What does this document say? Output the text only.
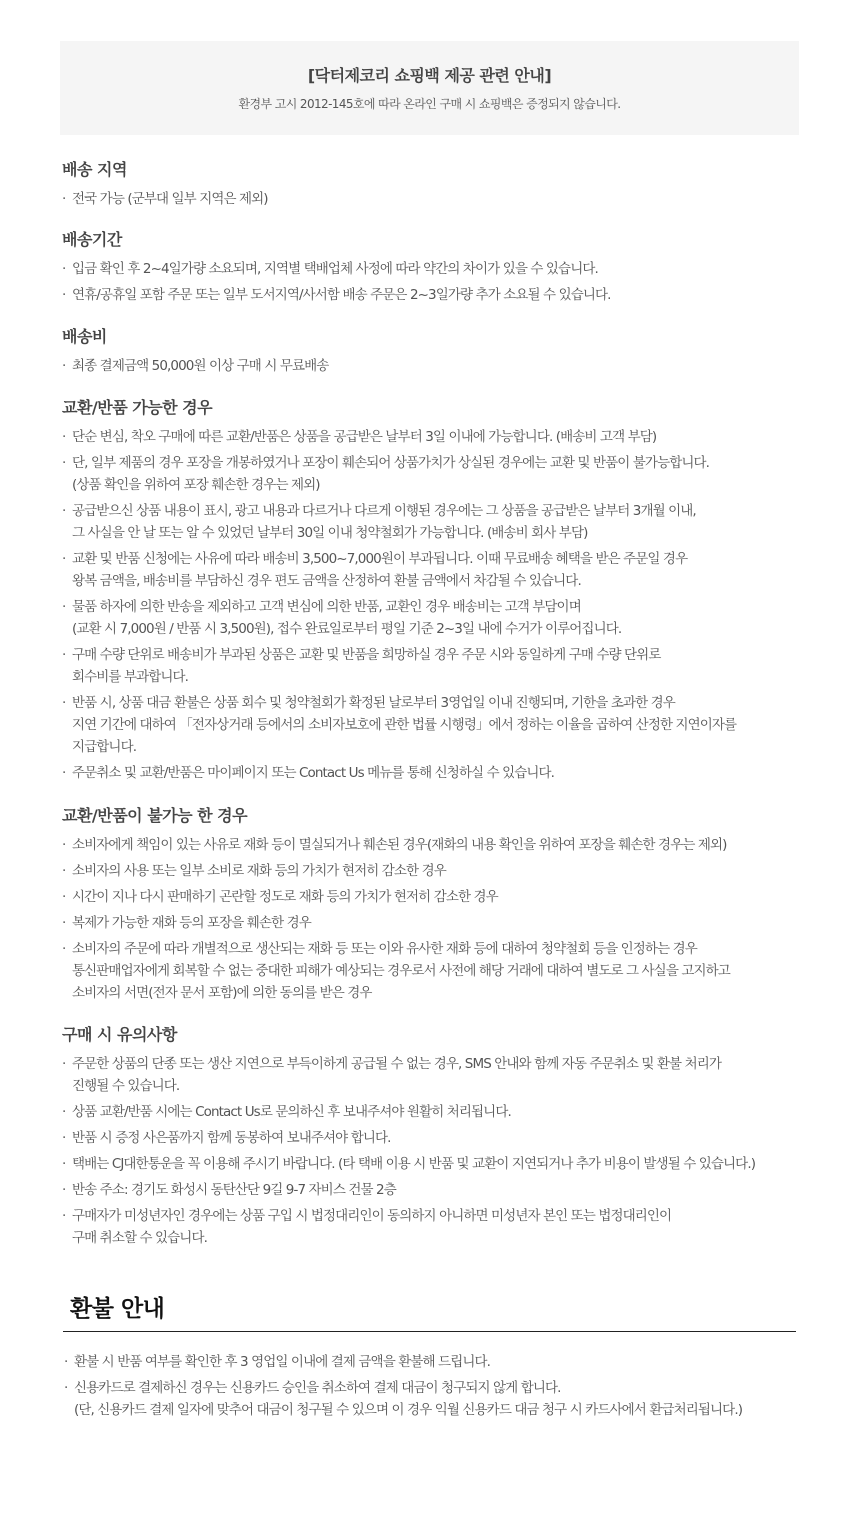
[닥터제코리 쇼핑백 제공 관련 안내]
환경부 고시 2012-145호에 따라 온라인 구매 시 쇼핑백은 증정되지 않습니다.
배송 지역
· 전국 가능 (군부대 일부 지역은 제외)
배송기간
· 입금 확인 후 2~4일가량 소요되며, 지역별 택배업체 사정에 따라 약간의 차이가 있을 수 있습니다.
· 연휴/공휴일 포함 주문 또는 일부 도서지역/사서함 배송 주문은 2~3일가량 추가 소요될 수 있습니다.
배송비
· 최종 결제금액 50,000원 이상 구매 시 무료배송
교환/반품 가능한 경우
· 단순 변심, 착오 구매에 따른 교환/반품은 상품을 공급받은 날부터 3일 이내에 가능합니다. (배송비 고객 부담)
· 단, 일부 제품의 경우 포장을 개봉하였거나 포장이 훼손되어 상품가치가 상실된 경우에는 교환 및 반품이 불가능합니다.
(상품 확인을 위하여 포장 훼손한 경우는 제외)
· 공급받으신 상품 내용이 표시, 광고 내용과 다르거나 다르게 이행된 경우에는 그 상품을 공급받은 날부터 3개월 이내,
그 사실을 안 날 또는 알 수 있었던 날부터 30일 이내 청약철회가 가능합니다. (배송비 회사 부담)
· 교환 및 반품 신청에는 사유에 따라 배송비 3,500~7,000원이 부과됩니다. 이때 무료배송 혜택을 받은 주문일 경우
왕복 금액을, 배송비를 부담하신 경우 편도 금액을 산정하여 환불 금액에서 차감될 수 있습니다.
· 물품 하자에 의한 반송을 제외하고 고객 변심에 의한 반품, 교환인 경우 배송비는 고객 부담이며
(교환 시 7,000원 / 반품 시 3,500원), 접수 완료일로부터 평일 기준 2~3일 내에 수거가 이루어집니다.
· 구매 수량 단위로 배송비가 부과된 상품은 교환 및 반품을 희망하실 경우 주문 시와 동일하게 구매 수량 단위로
회수비를 부과합니다.
· 반품 시, 상품 대금 환불은 상품 회수 및 청약철회가 확정된 날로부터 3영업일 이내 진행되며, 기한을 초과한 경우
지연 기간에 대하여 「전자상거래 등에서의 소비자보호에 관한 법률 시행령」에서 정하는 이율을 곱하여 산정한 지연이자를
지급합니다.
· 주문취소 및 교환/반품은 마이페이지 또는 Contact Us 메뉴를 통해 신청하실 수 있습니다.
교환/반품이 불가능 한 경우
· 소비자에게 책임이 있는 사유로 재화 등이 멸실되거나 훼손된 경우(재화의 내용 확인을 위하여 포장을 훼손한 경우는 제외)
· 소비자의 사용 또는 일부 소비로 재화 등의 가치가 현저히 감소한 경우
· 시간이 지나 다시 판매하기 곤란할 정도로 재화 등의 가치가 현저히 감소한 경우
· 복제가 가능한 재화 등의 포장을 훼손한 경우
· 소비자의 주문에 따라 개별적으로 생산되는 재화 등 또는 이와 유사한 재화 등에 대하여 청약철회 등을 인정하는 경우
통신판매업자에게 회복할 수 없는 중대한 피해가 예상되는 경우로서 사전에 해당 거래에 대하여 별도로 그 사실을 고지하고
소비자의 서면(전자 문서 포함)에 의한 동의를 받은 경우
구매 시 유의사항
· 주문한 상품의 단종 또는 생산 지연으로 부득이하게 공급될 수 없는 경우, SMS 안내와 함께 자동 주문취소 및 환불 처리가
진행될 수 있습니다.
· 상품 교환/반품 시에는 Contact Us로 문의하신 후 보내주셔야 원활히 처리됩니다.
· 반품 시 증정 사은품까지 함께 동봉하여 보내주셔야 합니다.
· 택배는 CJ대한통운을 꼭 이용해 주시기 바랍니다. (타 택배 이용 시 반품 및 교환이 지연되거나 추가 비용이 발생될 수 있습니다.)
· 반송 주소: 경기도 화성시 동탄산단 9길 9-7 자비스 건물 2층
· 구매자가 미성년자인 경우에는 상품 구입 시 법정대리인이 동의하지 아니하면 미성년자 본인 또는 법정대리인이
구매 취소할 수 있습니다.
환불 안내
· 환불 시 반품 여부를 확인한 후 3 영업일 이내에 결제 금액을 환불해 드립니다.
· 신용카드로 결제하신 경우는 신용카드 승인을 취소하여 결제 대금이 청구되지 않게 합니다.
(단, 신용카드 결제 일자에 맞추어 대금이 청구될 수 있으며 이 경우 익월 신용카드 대금 청구 시 카드사에서 환급처리됩니다.)
